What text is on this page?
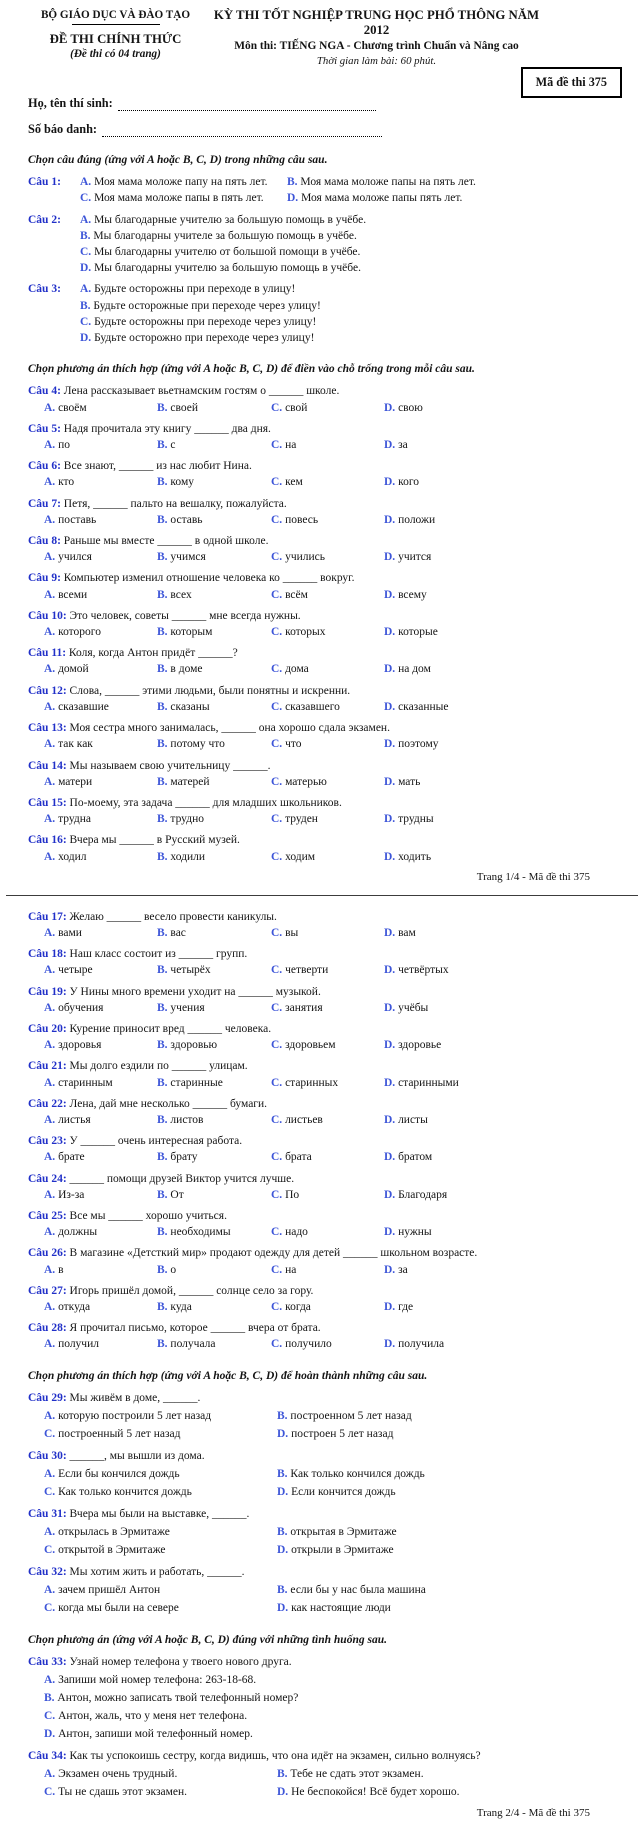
BỘ GIÁO DỤC VÀ ĐÀO TẠO
ĐỀ THI CHÍNH THỨC
(Đề thi có 04 trang)
KỲ THI TỐT NGHIỆP TRUNG HỌC PHỔ THÔNG NĂM 2012
Môn thi: TIẾNG NGA - Chương trình Chuẩn và Nâng cao
Thời gian làm bài: 60 phút.
Mã đề thi 375
Họ, tên thí sinh:
Số báo danh:
Chọn câu đúng (ứng với A hoặc B, C, D) trong những câu sau.
Câu 1: A. Моя мама моложе папу на пять лет.	B. Моя мама моложе папы на пять лет.
C. Моя мама моложе папы в пять лет.	D. Моя мама моложе папы пять лет.
Câu 2: A. Мы благодарные учителю за большую помощь в учёбе.
B. Мы благодарны учителе за большую помощь в учёбе.
C. Мы благодарны учителю от большой помощи в учёбе.
D. Мы благодарны учителю за большую помощь в учёбе.
Câu 3: A. Будьте осторожны при переходе в улицу!
B. Будьте осторожные при переходе через улицу!
C. Будьте осторожны при переходе через улицу!
D. Будьте осторожно при переходе через улицу!
Chọn phương án thích hợp (ứng với A hoặc B, C, D) để điền vào chỗ trống trong mỗi câu sau.
Câu 4: Лена рассказывает вьетнамским гостям о ______ школе.
A. своём	B. своей	C. свой	D. свою
Câu 5: Надя прочитала эту книгу ______ два дня.
A. по	B. с	C. на	D. за
Câu 6: Все знают, ______ из нас любит Нина.
A. кто	B. кому	C. кем	D. кого
Câu 7: Петя, ______ пальто на вешалку, пожалуйста.
A. поставь	B. оставь	C. повесь	D. положи
Câu 8: Раньше мы вместе ______ в одной школе.
A. учился	B. учимся	C. учились	D. учится
Câu 9: Компьютер изменил отношение человека ко ______ вокруг.
A. всеми	B. всех	C. всём	D. всему
Câu 10: Это человек, советы ______ мне всегда нужны.
A. которого	B. которым	C. которых	D. которые
Câu 11: Коля, когда Антон придёт ______?
A. домой	B. в доме	C. дома	D. на дом
Câu 12: Слова, ______ этими людьми, были понятны и искренни.
A. сказавшие	B. сказаны	C. сказавшего	D. сказанные
Câu 13: Моя сестра много занималась, ______ она хорошо сдала экзамен.
A. так как	B. потому что	C. что	D. поэтому
Câu 14: Мы называем свою учительницу ______.
A. матери	B. матерей	C. матерью	D. мать
Câu 15: По-моему, эта задача ______ для младших школьников.
A. трудна	B. трудно	C. труден	D. трудны
Câu 16: Вчера мы ______ в Русский музей.
A. ходил	B. ходили	C. ходим	D. ходить
Trang 1/4 - Mã đề thi 375
Câu 17: Желаю ______ весело провести каникулы.
A. вами	B. вас	C. вы	D. вам
Câu 18: Наш класс состоит из ______ групп.
A. четыре	B. четырёх	C. четверти	D. четвёртых
Câu 19: У Нины много времени уходит на ______ музыкой.
A. обучения	B. учения	C. занятия	D. учёбы
Câu 20: Курение приносит вред ______ человека.
A. здоровья	B. здоровью	C. здоровьем	D. здоровье
Câu 21: Мы долго ездили по ______ улицам.
A. старинным	B. старинные	C. старинных	D. старинными
Câu 22: Лена, дай мне несколько ______ бумаги.
A. листья	B. листов	C. листьев	D. листы
Câu 23: У ______ очень интересная работа.
A. брате	B. брату	C. брата	D. братом
Câu 24: ______ помощи друзей Виктор учится лучше.
A. Из-за	B. От	C. По	D. Благодаря
Câu 25: Все мы ______ хорошо учиться.
A. должны	B. необходимы	C. надо	D. нужны
Câu 26: В магазине «Детсткий мир» продают одежду для детей ______ школьном возрасте.
A. в	B. о	C. на	D. за
Câu 27: Игорь пришёл домой, ______ солнце село за гору.
A. откуда	B. куда	C. когда	D. где
Câu 28: Я прочитал письмо, которое ______ вчера от брата.
A. получил	B. получала	C. получило	D. получила
Chọn phương án thích hợp (ứng với A hoặc B, C, D) để hoàn thành những câu sau.
Câu 29: Мы живём в доме, ______.
A. которую построили 5 лет назад	B. построенном 5 лет назад
C. построенный 5 лет назад	D. построен 5 лет назад
Câu 30: ______, мы вышли из дома.
A. Если бы кончился дождь	B. Как только кончился дождь
C. Как только кончится дождь	D. Если кончится дождь
Câu 31: Вчера мы были на выставке, ______.
A. открылась в Эрмитаже	B. открытая в Эрмитаже
C. открытой в Эрмитаже	D. открыли в Эрмитаже
Câu 32: Мы хотим жить и работать, ______.
A. зачем пришёл Антон	B. если бы у нас была машина
C. когда мы были на севере	D. как настоящие люди
Chọn phương án (ứng với A hoặc B, C, D) đúng với những tình huống sau.
Câu 33: Узнай номер телефона у твоего нового друга.
A. Запиши мой номер телефона: 263-18-68.
B. Антон, можно записать твой телефонный номер?
C. Антон, жаль, что у меня нет телефона.
D. Антон, запиши мой телефонный номер.
Câu 34: Как ты успокоишь сестру, когда видишь, что она идёт на экзамен, сильно волнуясь?
A. Экзамен очень трудный.	B. Тебе не сдать этот экзамен.
C. Ты не сдашь этот экзамен.	D. Не беспокойся! Всё будет хорошо.
Trang 2/4 - Mã đề thi 375
